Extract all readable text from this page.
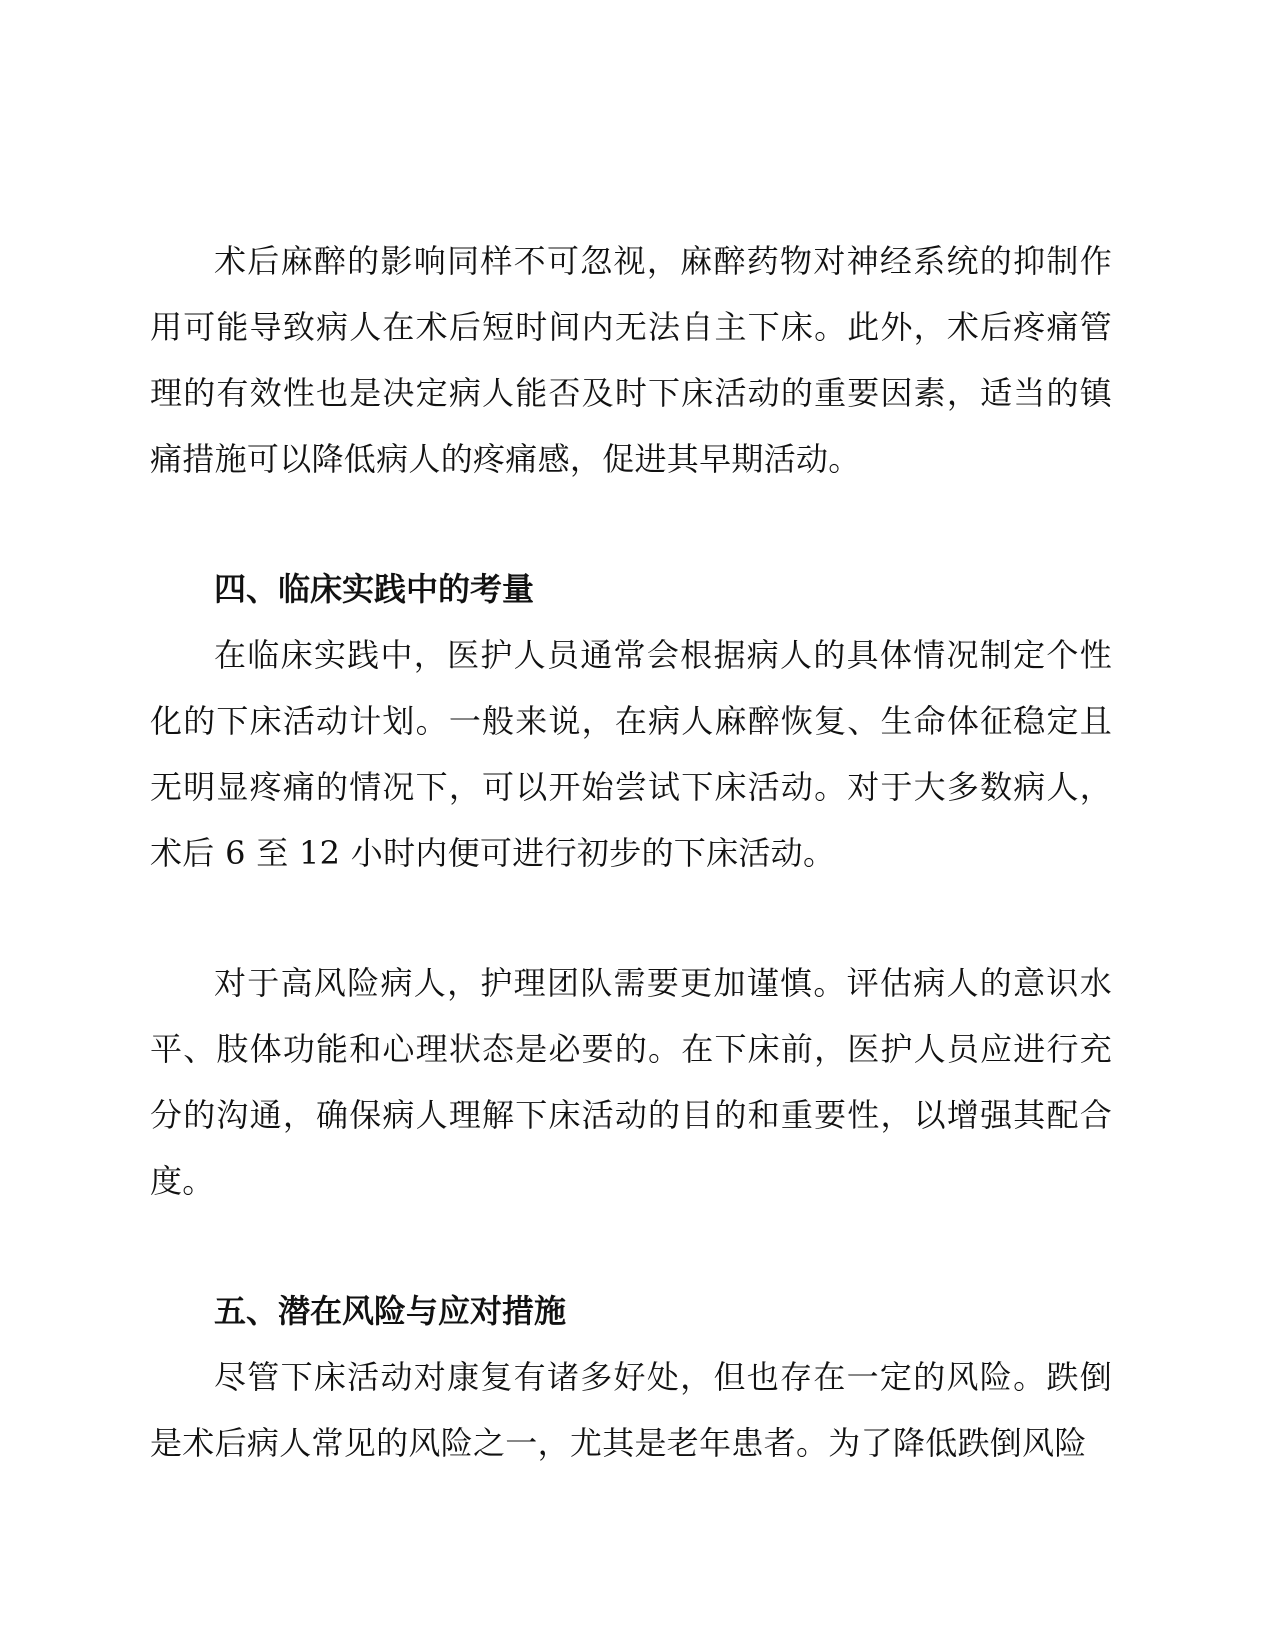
术后麻醉的影响同样不可忽视，麻醉药物对神经系统的抑制作用可能导致病人在术后短时间内无法自主下床。此外，术后疼痛管理的有效性也是决定病人能否及时下床活动的重要因素，适当的镇痛措施可以降低病人的疼痛感，促进其早期活动。

四、临床实践中的考量

在临床实践中，医护人员通常会根据病人的具体情况制定个性化的下床活动计划。一般来说，在病人麻醉恢复、生命体征稳定且无明显疼痛的情况下，可以开始尝试下床活动。对于大多数病人，术后 6 至 12 小时内便可进行初步的下床活动。

对于高风险病人，护理团队需要更加谨慎。评估病人的意识水平、肢体功能和心理状态是必要的。在下床前，医护人员应进行充分的沟通，确保病人理解下床活动的目的和重要性，以增强其配合度。

五、潜在风险与应对措施

尽管下床活动对康复有诸多好处，但也存在一定的风险。跌倒是术后病人常见的风险之一，尤其是老年患者。为了降低跌倒风险
